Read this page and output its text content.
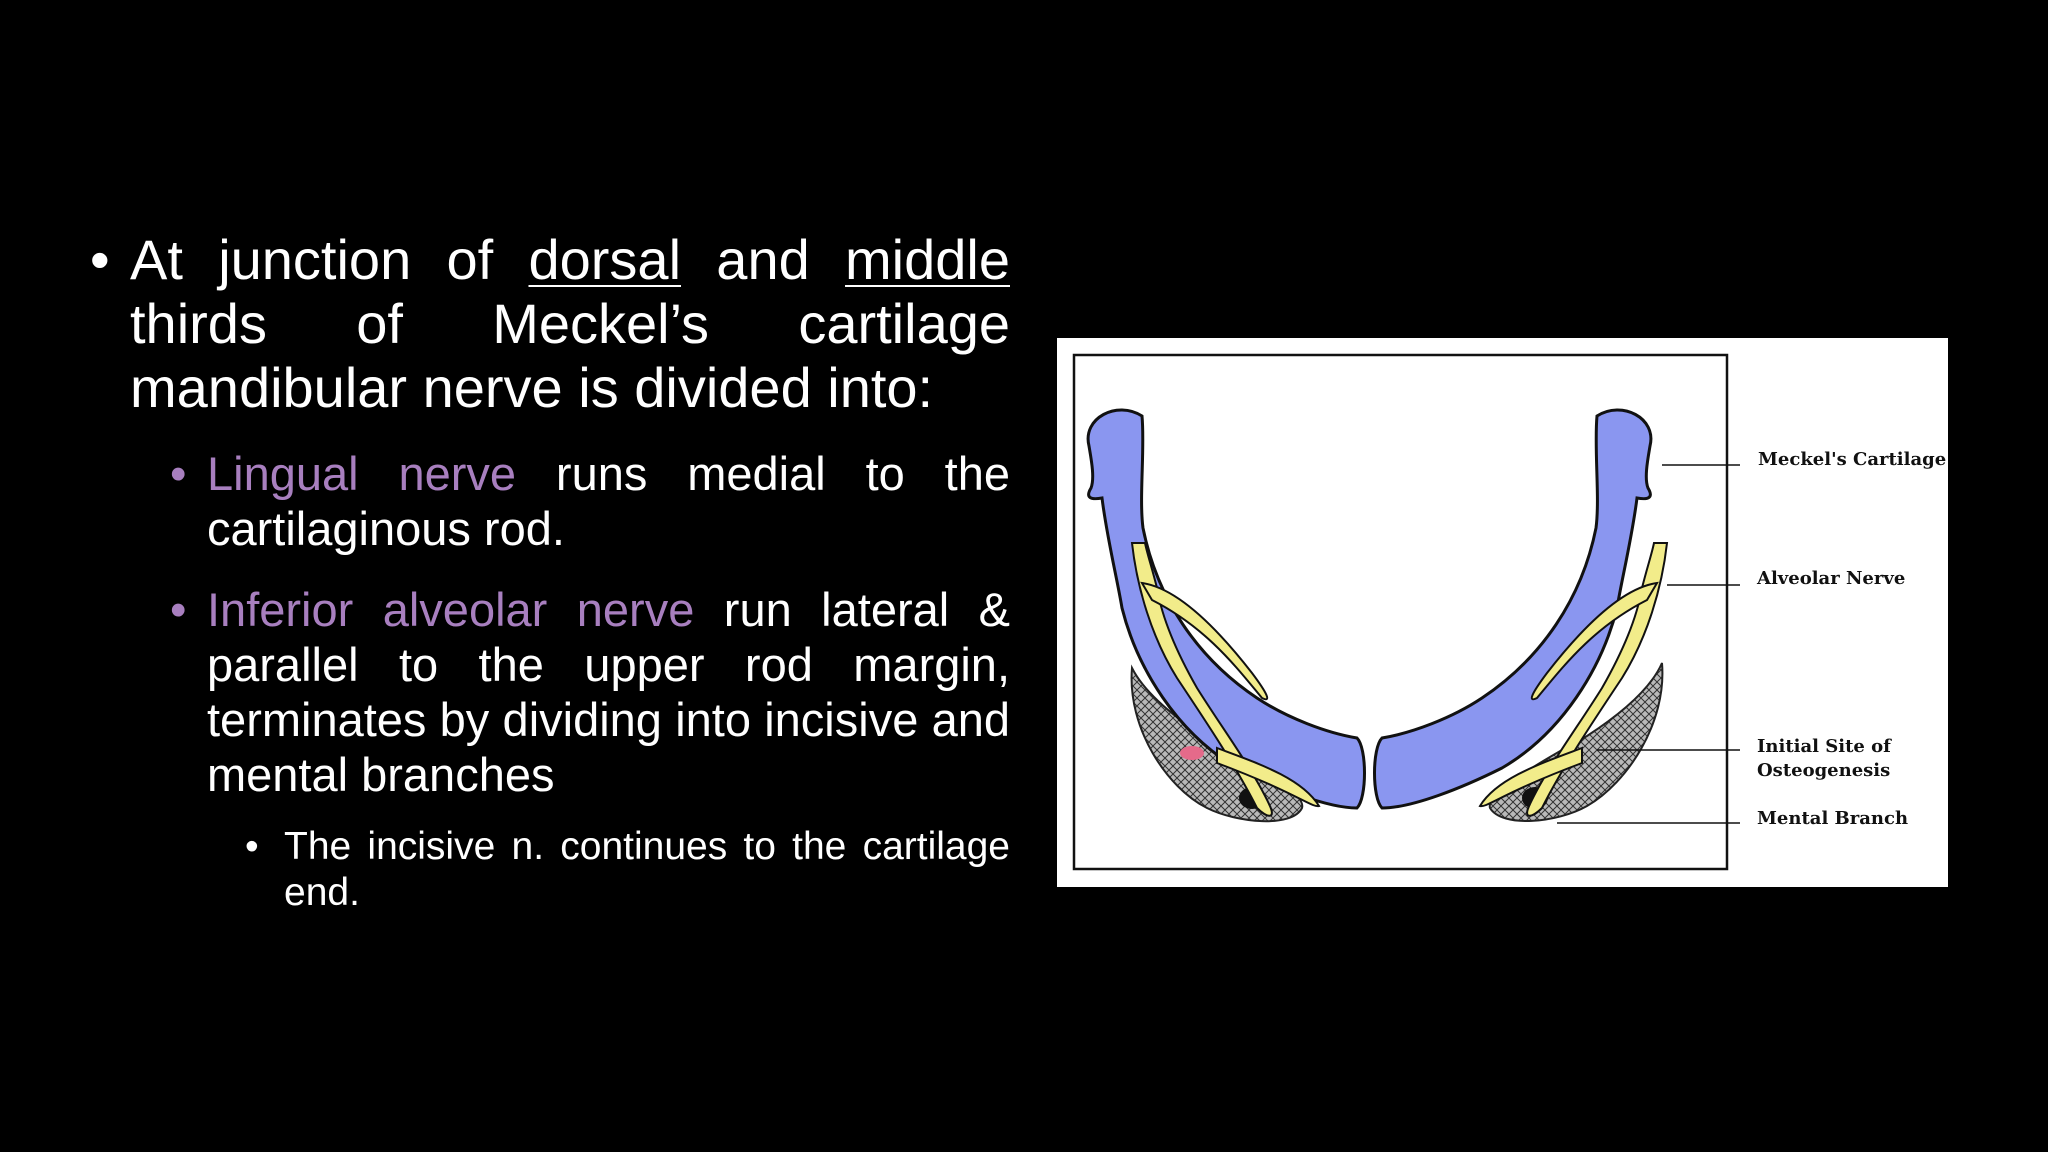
• At junction of dorsal and middle thirds of Meckel’s cartilage mandibular nerve is divided into:
• Lingual nerve runs medial to the cartilaginous rod.
• Inferior alveolar nerve run lateral & parallel to the upper rod margin, terminates by dividing into incisive and mental branches
• The incisive n. continues to the cartilage end.
Meckel's Cartilage
Alveolar Nerve
Initial Site of
Osteogenesis
Mental Branch
